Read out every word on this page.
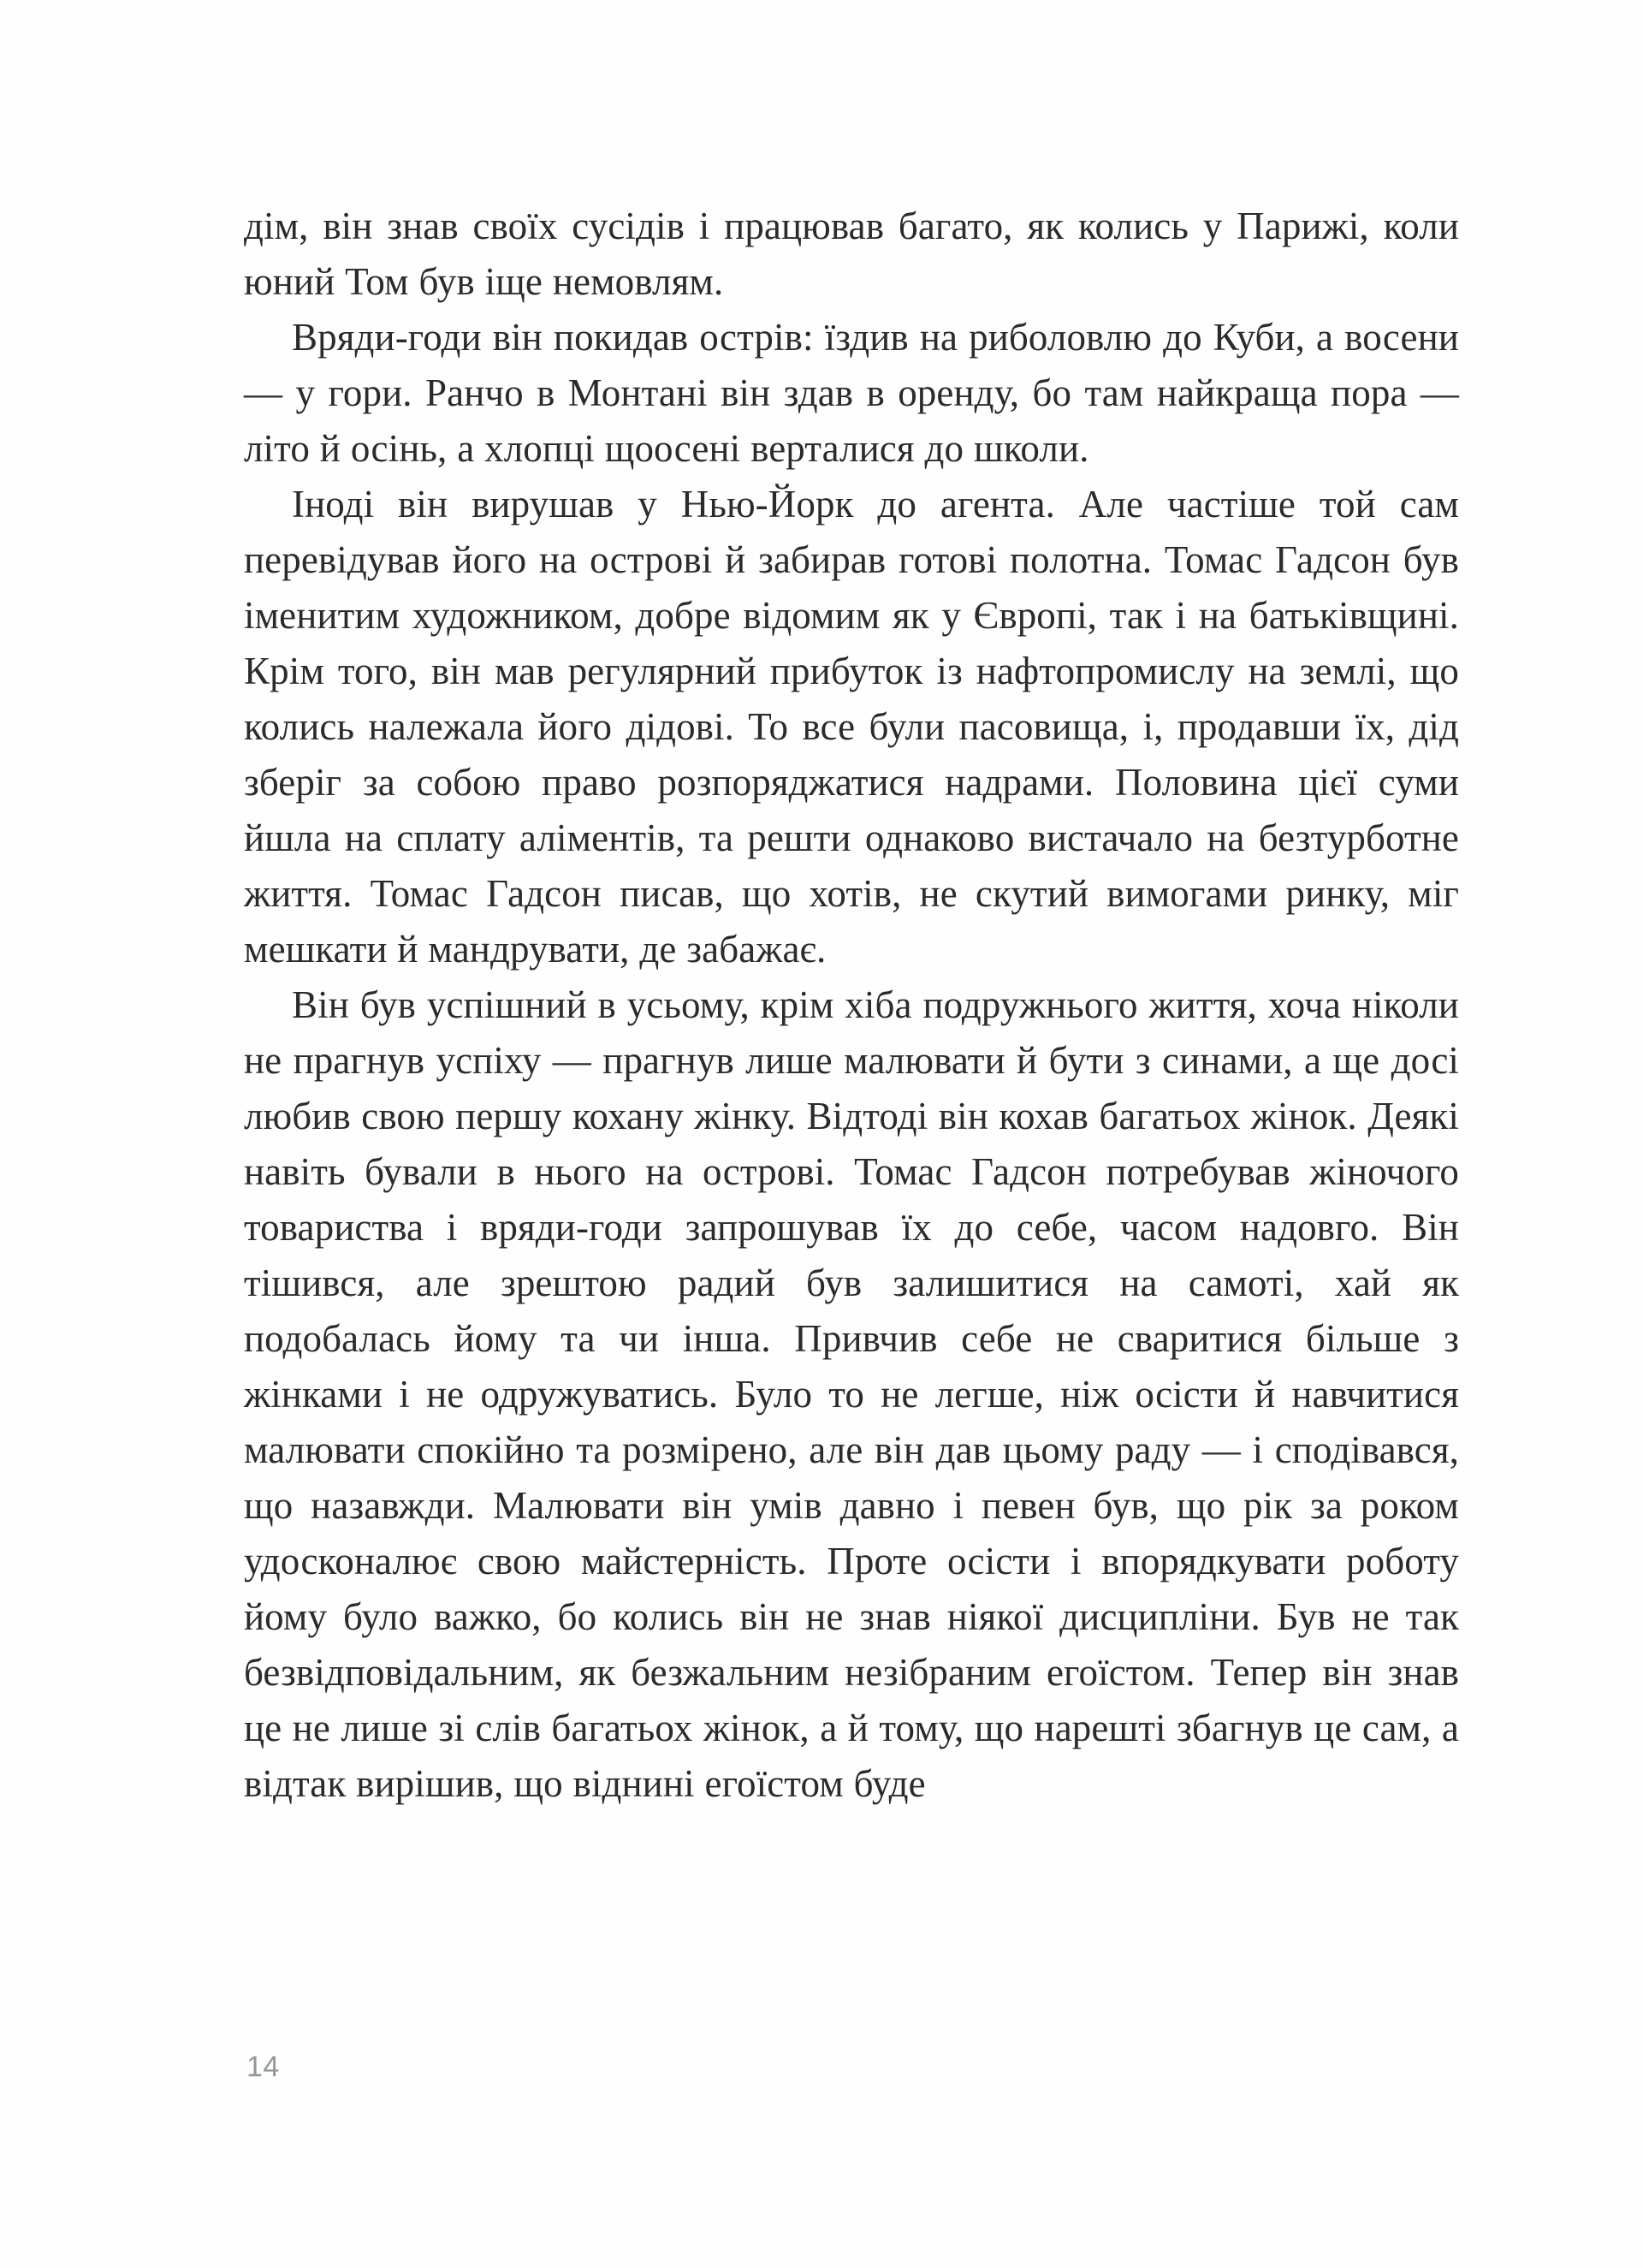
дім, він знав своїх сусідів і працював багато, як колись у Парижі, коли юний Том був іще немовлям.

Вряди-годи він покидав острів: їздив на риболовлю до Куби, а восени — у гори. Ранчо в Монтані він здав в оренду, бо там найкраща пора — літо й осінь, а хлопці щоосені верталися до школи.

Іноді він вирушав у Нью-Йорк до агента. Але частіше той сам перевідував його на острові й забирав готові полотна. Томас Гадсон був іменитим художником, добре відомим як у Європі, так і на батьківщині. Крім того, він мав регулярний прибуток із нафтопромислу на землі, що колись належала його дідові. То все були пасовища, і, продавши їх, дід зберіг за собою право розпоряджатися надрами. Половина цієї суми йшла на сплату аліментів, та решти однаково вистачало на безтурботне життя. Томас Гадсон писав, що хотів, не скутий вимогами ринку, міг мешкати й мандрувати, де забажає.

Він був успішний в усьому, крім хіба подружнього життя, хоча ніколи не прагнув успіху — прагнув лише малювати й бути з синами, а ще досі любив свою першу кохану жінку. Відтоді він кохав багатьох жінок. Деякі навіть бували в нього на острові. Томас Гадсон потребував жіночого товариства і вряди-годи запрошував їх до себе, часом надовго. Він тішився, але зрештою радий був залишитися на самоті, хай як подобалась йому та чи інша. Привчив себе не сваритися більше з жінками і не одружуватись. Було то не легше, ніж осісти й навчитися малювати спокійно та розмірено, але він дав цьому раду — і сподівався, що назавжди. Малювати він умів давно і певен був, що рік за роком удосконалює свою майстерність. Проте осісти і впорядкувати роботу йому було важко, бо колись він не знав ніякої дисципліни. Був не так безвідповідальним, як безжальним незібраним егоїстом. Тепер він знав це не лише зі слів багатьох жінок, а й тому, що нарешті збагнув це сам, а відтак вирішив, що віднині егоїстом буде

14
